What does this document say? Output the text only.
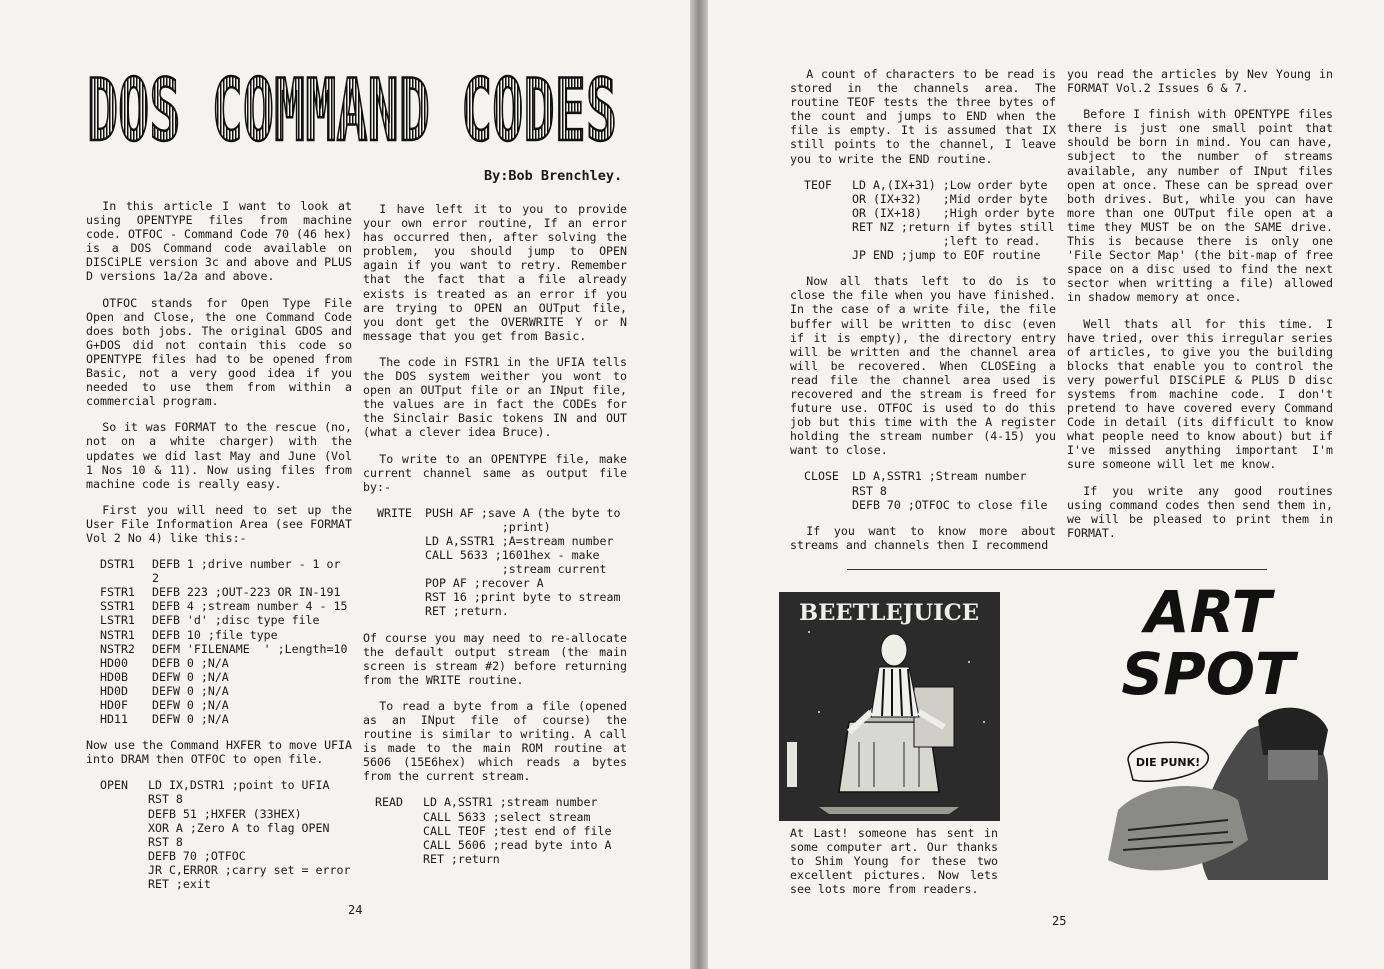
DOS COMMAND CODES
By:Bob Brenchley.

In this article I want to look at using OPENTYPE files from machine code. OTFOC - Command Code 70 (46 hex) is a DOS Command code available on DISCiPLE version 3c and above and PLUS D versions 1a/2a and above.

OTFOC stands for Open Type File Open and Close, the one Command Code does both jobs. The original GDOS and G+DOS did not contain this code so OPENTYPE files had to be opened from Basic, not a very good idea if you needed to use them from within a commercial program.

So it was FORMAT to the rescue (no, not on a white charger) with the updates we did last May and June (Vol 1 Nos 10 & 11). Now using files from machine code is really easy.

First you will need to set up the User File Information Area (see FORMAT Vol 2 No 4) like this:-

DSTR1	DEFB 1 ;drive number - 1 or 2
FSTR1	DEFB 223 ;OUT-223 OR IN-191
SSTR1	DEFB 4 ;stream number 4 - 15
LSTR1	DEFB 'd' ;disc type file
NSTR1	DEFB 10 ;file type
NSTR2	DEFM 'FILENAME  ' ;Length=10
HD00	DEFB 0 ;N/A
HD0B	DEFW 0 ;N/A
HD0D	DEFW 0 ;N/A
HD0F	DEFW 0 ;N/A
HD11	DEFW 0 ;N/A

Now use the Command HXFER to move UFIA into DRAM then OTFOC to open file.

OPEN	LD IX,DSTR1 ;point to UFIA
RST 8
DEFB 51 ;HXFER (33HEX)
XOR A ;Zero A to flag OPEN
RST 8
DEFB 70 ;OTFOC
JR C,ERROR ;carry set = error
RET ;exit

I have left it to you to provide your own error routine, If an error has occurred then, after solving the problem, you should jump to OPEN again if you want to retry. Remember that the fact that a file already exists is treated as an error if you are trying to OPEN an OUTput file, you dont get the OVERWRITE Y or N message that you get from Basic.

The code in FSTR1 in the UFIA tells the DOS system weither you wont to open an OUTput file or an INput file, the values are in fact the CODEs for the Sinclair Basic tokens IN and OUT (what a clever idea Bruce).

To write to an OPENTYPE file, make current channel same as output file by:-

WRITE	PUSH AF ;save A (the byte to
;print)
LD A,SSTR1 ;A=stream number
CALL 5633 ;1601hex - make
;stream current
POP AF ;recover A
RST 16 ;print byte to stream
RET ;return.

Of course you may need to re-allocate the default output stream (the main screen is stream #2) before returning from the WRITE routine.

To read a byte from a file (opened as an INput file of course) the routine is similar to writing. A call is made to the main ROM routine at 5606 (15E6hex) which reads a bytes from the current stream.

READ	LD A,SSTR1 ;stream number
CALL 5633 ;select stream
CALL TEOF ;test end of file
CALL 5606 ;read byte into A
RET ;return
24

A count of characters to be read is stored in the channels area. The routine TEOF tests the three bytes of the count and jumps to END when the file is empty. It is assumed that IX still points to the channel, I leave you to write the END routine.

TEOF	LD A,(IX+31) ;Low order byte
OR (IX+32)   ;Mid order byte
OR (IX+18)   ;High order byte
RET NZ ;return if bytes still
;left to read.
JP END ;jump to EOF routine

Now all thats left to do is to close the file when you have finished. In the case of a write file, the file buffer will be written to disc (even if it is empty), the directory entry will be written and the channel area will be recovered. When CLOSEing a read file the channel area used is recovered and the stream is freed for future use. OTFOC is used to do this job but this time with the A register holding the stream number (4-15) you want to close.

CLOSE	LD A,SSTR1 ;Stream number
RST 8
DEFB 70 ;OTFOC to close file

If you want to know more about streams and channels then I recommend

you read the articles by Nev Young in FORMAT Vol.2 Issues 6 & 7.

Before I finish with OPENTYPE files there is just one small point that should be born in mind. You can have, subject to the number of streams available, any number of INput files open at once. These can be spread over both drives. But, while you can have more than one OUTput file open at a time they MUST be on the SAME drive. This is because there is only one 'File Sector Map' (the bit-map of free space on a disc used to find the next sector when writting a file) allowed in shadow memory at once.

Well thats all for this time. I have tried, over this irregular series of articles, to give you the building blocks that enable you to control the very powerful DISCiPLE & PLUS D disc systems from machine code. I don't pretend to have covered every Command Code in detail (its difficult to know what people need to know about) but if I've missed anything important I'm sure someone will let me know.

If you write any good routines using command codes then send them in, we will be pleased to print them in FORMAT.

BEETLEJUICE	ART SPOT
DIE PUNK!
At Last! someone has sent in some computer art. Our thanks to Shim Young for these two excellent pictures. Now lets see lots more from readers.
25
